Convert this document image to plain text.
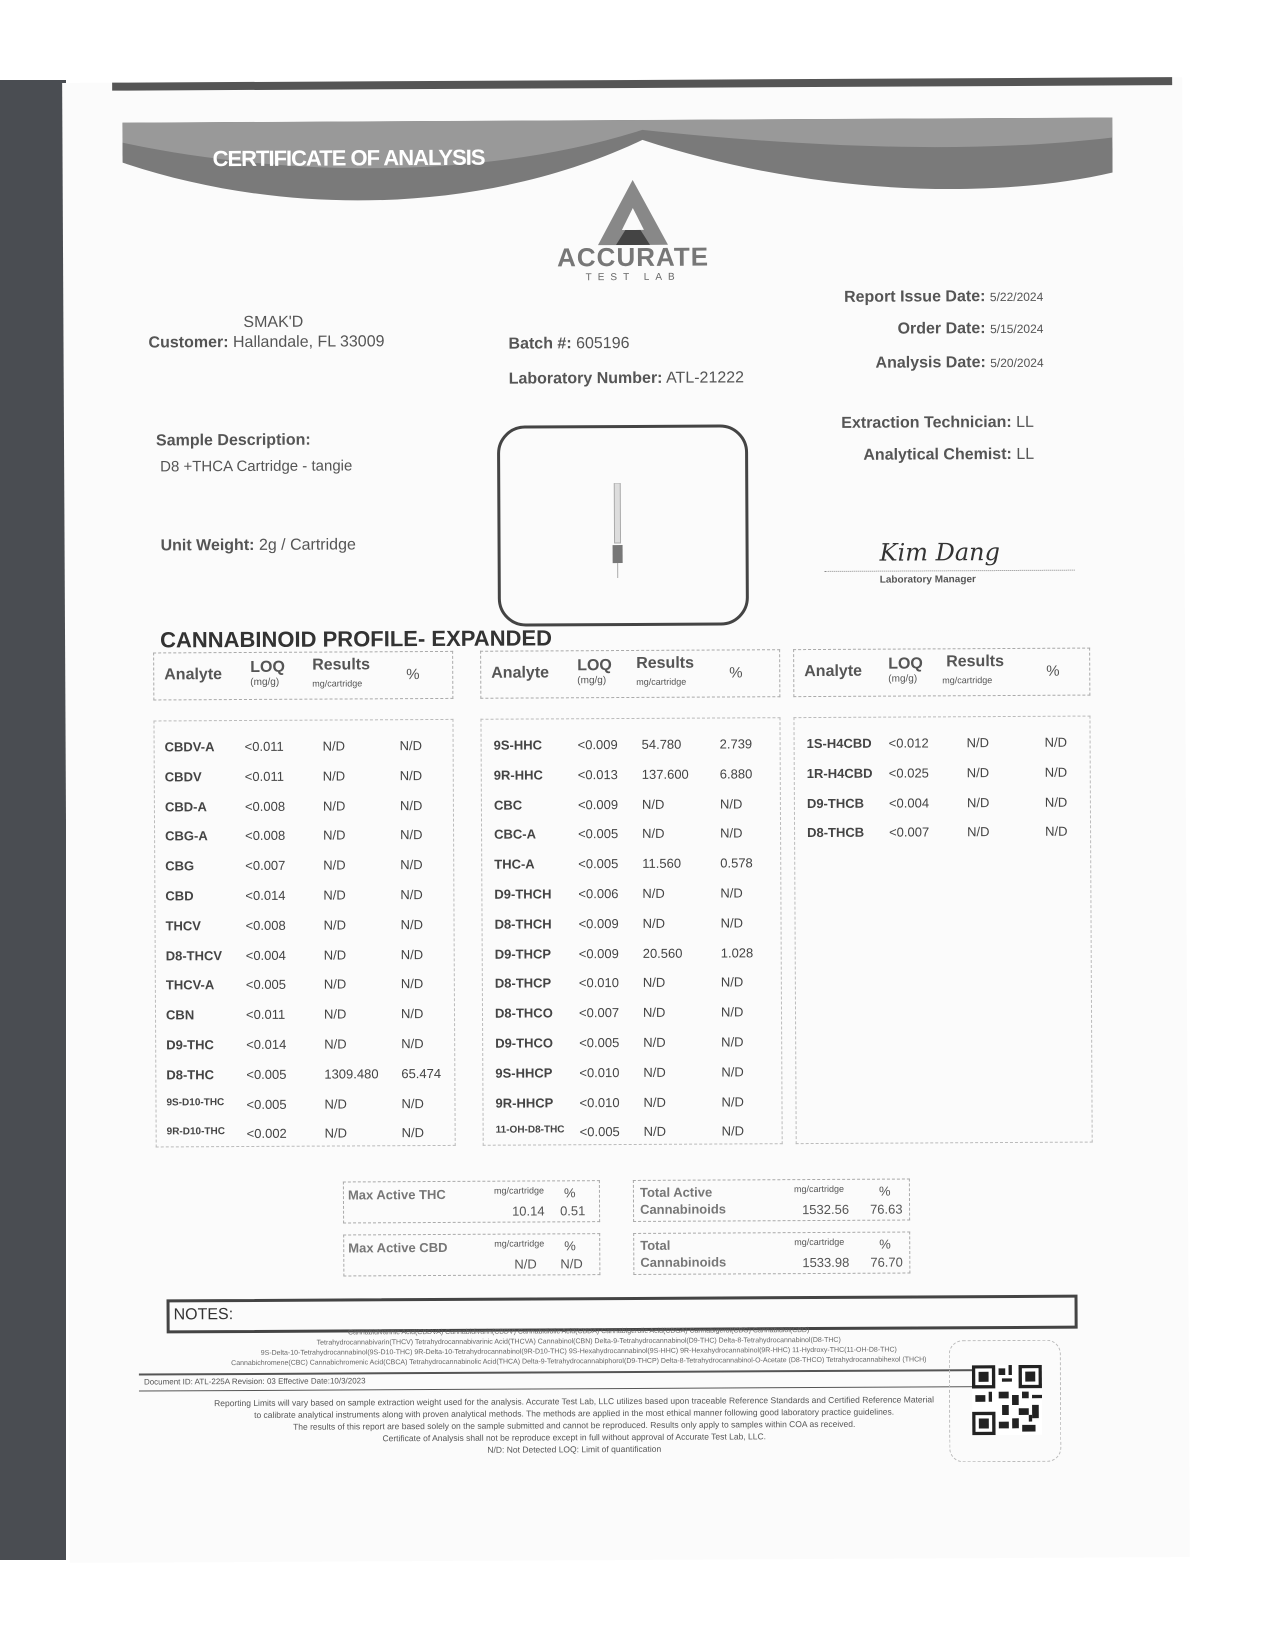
CERTIFICATE OF ANALYSIS
ACCURATE
TEST LAB
SMAK'D
Customer: Hallandale, FL 33009	Batch #: 605196
Laboratory Number: ATL-21222
Report Issue Date: 5/22/2024
Order Date: 5/15/2024
Analysis Date: 5/20/2024
Sample Description:
D8 +THCA Cartridge - tangie
Unit Weight: 2g / Cartridge
Extraction Technician: LL
Analytical Chemist: LL
Kim Dang
Laboratory Manager
CANNABINOID PROFILE- EXPANDED
Analyte LOQ
(mg/g)
Results
mg/cartridge
%	Analyte LOQ
(mg/g)
Results
mg/cartridge
%	Analyte LOQ
(mg/g)
Results
mg/cartridge
%
CBDV-A <0.011	N/D	N/D
CBDV	<0.011	N/D	N/D
CBD-A	<0.008	N/D	N/D
CBG-A	<0.008	N/D	N/D
CBG	<0.007	N/D	N/D
CBD	<0.014	N/D	N/D
THCV	<0.008	N/D	N/D
D8-THCV <0.004	N/D	N/D
THCV-A <0.005	N/D	N/D
CBN	<0.011	N/D	N/D
D9-THC <0.014	N/D	N/D
D8-THC <0.005	1309.480 65.474
9S-D10-THC <0.005	N/D	N/D
9R-D10-THC <0.002	N/D	N/D
9S-HHC	<0.009 54.780	2.739
9R-HHC	<0.013 137.600 6.880
CBC	<0.009 N/D	N/D
CBC-A	<0.005 N/D	N/D
THC-A	<0.005 11.560	0.578
D9-THCH <0.006 N/D	N/D
D8-THCH <0.009 N/D	N/D
D9-THCP <0.009 20.560	1.028
D8-THCP <0.010 N/D	N/D
D8-THCO <0.007 N/D	N/D
D9-THCO <0.005 N/D	N/D
9S-HHCP <0.010 N/D	N/D
9R-HHCP <0.010 N/D	N/D
11-OH-D8-THC <0.005 N/D	N/D
1S-H4CBD <0.012	N/D	N/D
1R-H4CBD <0.025	N/D	N/D
D9-THCB <0.004	N/D	N/D
D8-THCB <0.007	N/D	N/D
Max Active THC	mg/cartridge %
10.14 0.51
Max Active CBD	mg/cartridge %
N/D N/D
Total Active
Cannabinoids
mg/cartridge	%
1532.56 76.63
Total
Cannabinoids
mg/cartridge	%
1533.98 76.70
NOTES:
Cannabidivarinic Acid(CBDVA) Cannabidivarin(CBDV) Cannabidiolic Acid(CBDA) Cannabigerolic Acid(CBGA) Cannabigerol(CBG) Cannabidiol(CBD)
Tetrahydrocannabivarin(THCV) Tetrahydrocannabivarinic Acid(THCVA) Cannabinol(CBN) Delta-9-Tetrahydrocannabinol(D9-THC) Delta-8-Tetrahydrocannabinol(D8-THC)
9S-Delta-10-Tetrahydrocannabinol(9S-D10-THC) 9R-Delta-10-Tetrahydrocannabinol(9R-D10-THC) 9S-Hexahydrocannabinol(9S-HHC) 9R-Hexahydrocannabinol(9R-HHC) 11-Hydroxy-THC(11-OH-D8-THC)
Cannabichromene(CBC) Cannabichromenic Acid(CBCA) Tetrahydrocannabinolic Acid(THCA) Delta-9-Tetrahydrocannabiphorol(D9-THCP) Delta-8-Tetrahydrocannabinol-O-Acetate (D8-THCO) Tetrahydrocannabihexol (THCH)
Document ID: ATL-225A Revision: 03 Effective Date:10/3/2023
Reporting Limits will vary based on sample extraction weight used for the analysis. Accurate Test Lab, LLC utilizes based upon traceable Reference Standards and Certified Reference Material
to calibrate analytical instruments along with proven analytical methods. The methods are applied in the most ethical manner following good laboratory practice guidelines.
The results of this report are based solely on the sample submitted and cannot be reproduced. Results only apply to samples within COA as received.
Certificate of Analysis shall not be reproduce except in full without approval of Accurate Test Lab, LLC.
N/D: Not Detected LOQ: Limit of quantification
